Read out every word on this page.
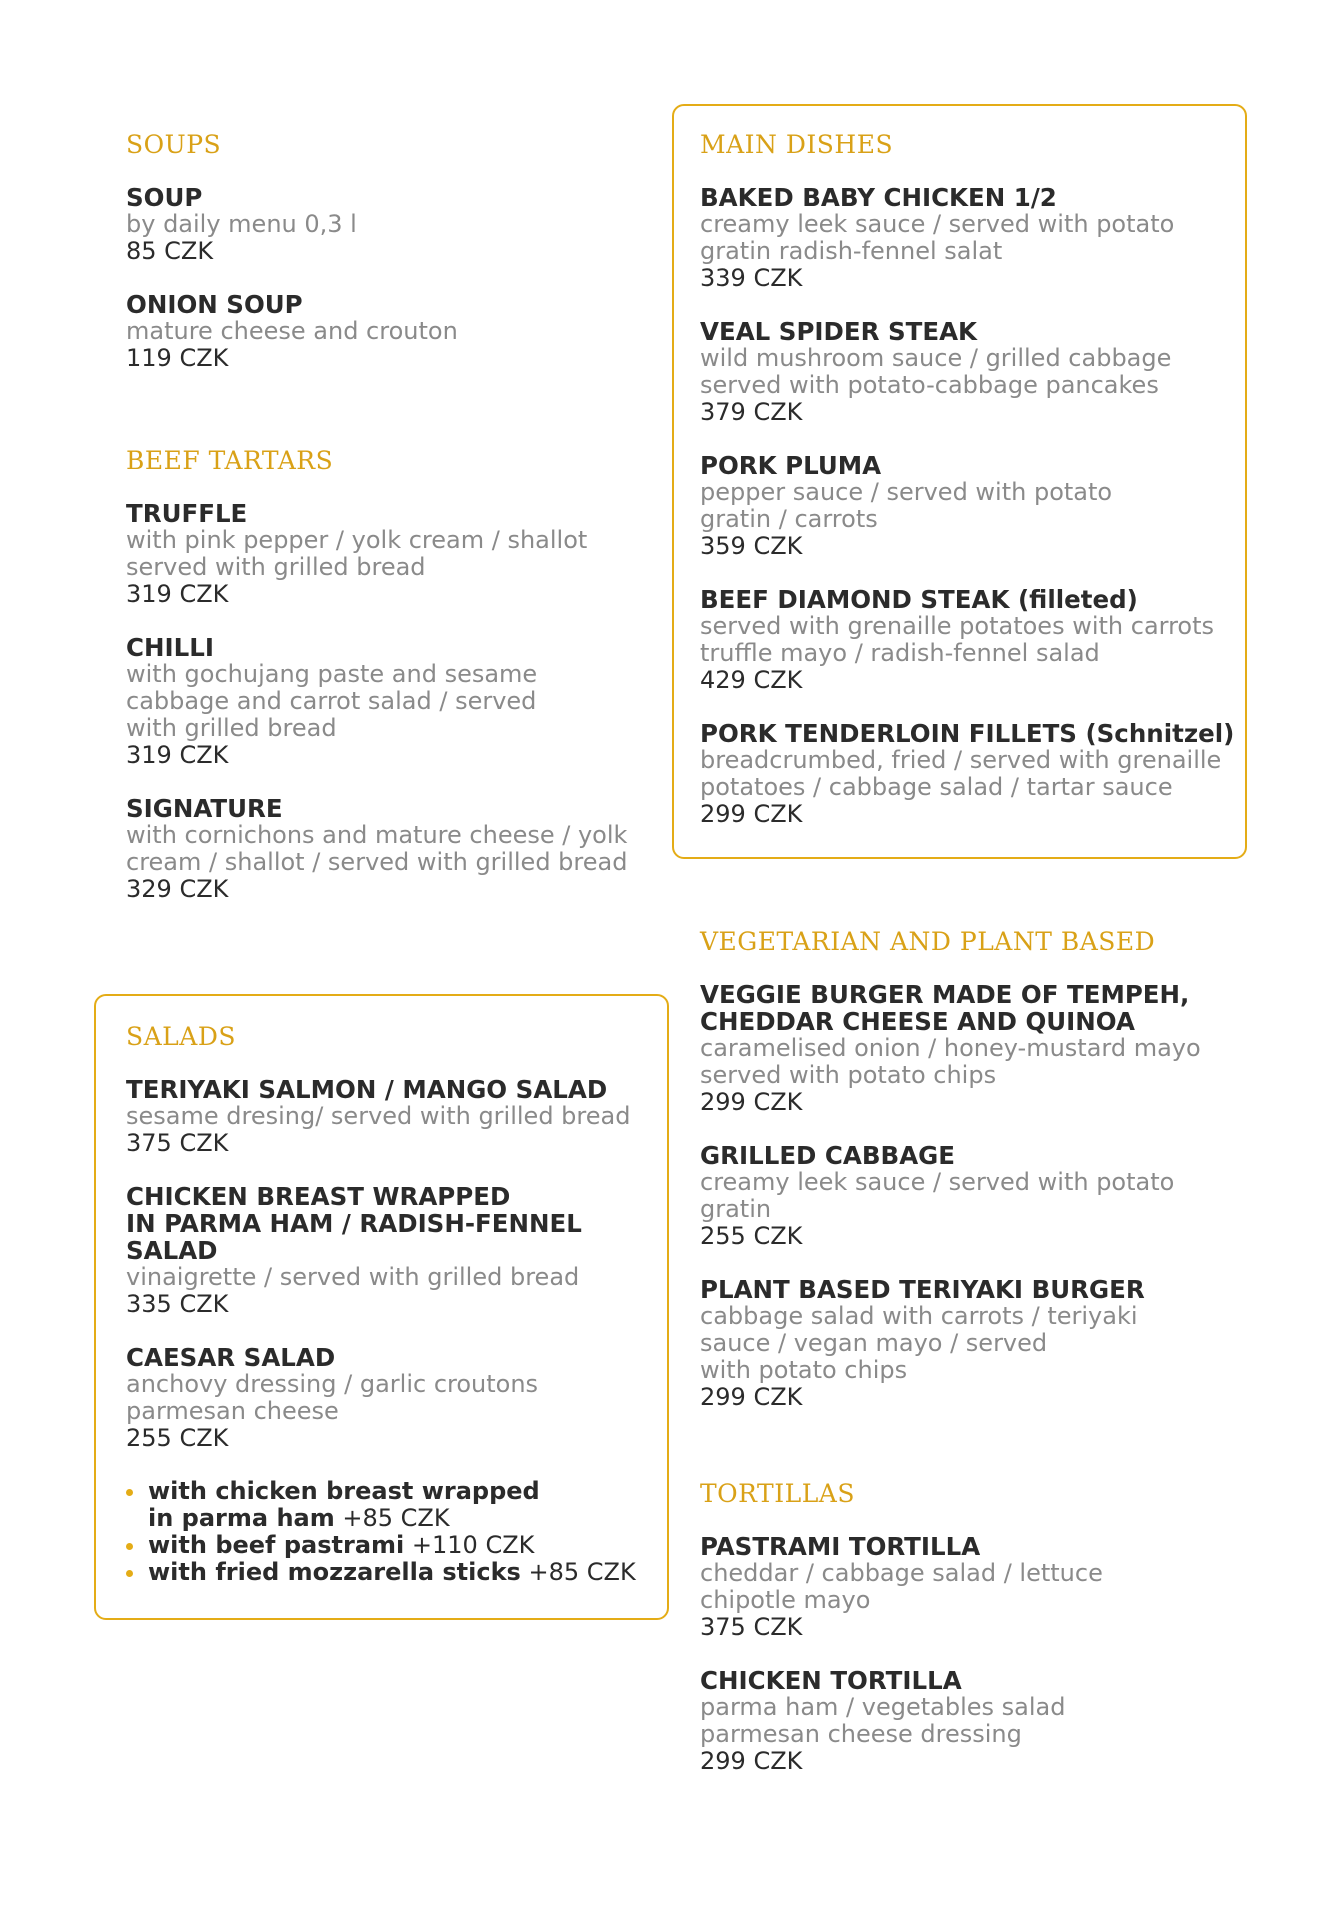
SOUPS
SOUP
by daily menu 0,3 l
85 CZK
ONION SOUP
mature cheese and crouton
119 CZK
BEEF TARTARS
TRUFFLE
with pink pepper / yolk cream / shallot
served with grilled bread
319 CZK
CHILLI
with gochujang paste and sesame
cabbage and carrot salad / served
with grilled bread
319 CZK
SIGNATURE
with cornichons and mature cheese / yolk
cream / shallot / served with grilled bread
329 CZK
SALADS
TERIYAKI SALMON / MANGO SALAD
sesame dresing/ served with grilled bread
375 CZK
CHICKEN BREAST WRAPPED
IN PARMA HAM / RADISH-FENNEL
SALAD
vinaigrette / served with grilled bread
335 CZK
CAESAR SALAD
anchovy dressing / garlic croutons
parmesan cheese
255 CZK
with chicken breast wrapped
in parma ham +85 CZK
with beef pastrami +110 CZK
with fried mozzarella sticks +85 CZK
MAIN DISHES
BAKED BABY CHICKEN 1/2
creamy leek sauce / served with potato
gratin radish-fennel salat
339 CZK
VEAL SPIDER STEAK
wild mushroom sauce / grilled cabbage
served with potato-cabbage pancakes
379 CZK
PORK PLUMA
pepper sauce / served with potato
gratin / carrots
359 CZK
BEEF DIAMOND STEAK (filleted)
served with grenaille potatoes with carrots
truffle mayo / radish-fennel salad
429 CZK
PORK TENDERLOIN FILLETS (Schnitzel)
breadcrumbed, fried / served with grenaille
potatoes / cabbage salad / tartar sauce
299 CZK
VEGETARIAN AND PLANT BASED
VEGGIE BURGER MADE OF TEMPEH,
CHEDDAR CHEESE AND QUINOA
caramelised onion / honey-mustard mayo
served with potato chips
299 CZK
GRILLED CABBAGE
creamy leek sauce / served with potato
gratin
255 CZK
PLANT BASED TERIYAKI BURGER
cabbage salad with carrots / teriyaki
sauce / vegan mayo / served
with potato chips
299 CZK
TORTILLAS
PASTRAMI TORTILLA
cheddar / cabbage salad / lettuce
chipotle mayo
375 CZK
CHICKEN TORTILLA
parma ham / vegetables salad
parmesan cheese dressing
299 CZK
